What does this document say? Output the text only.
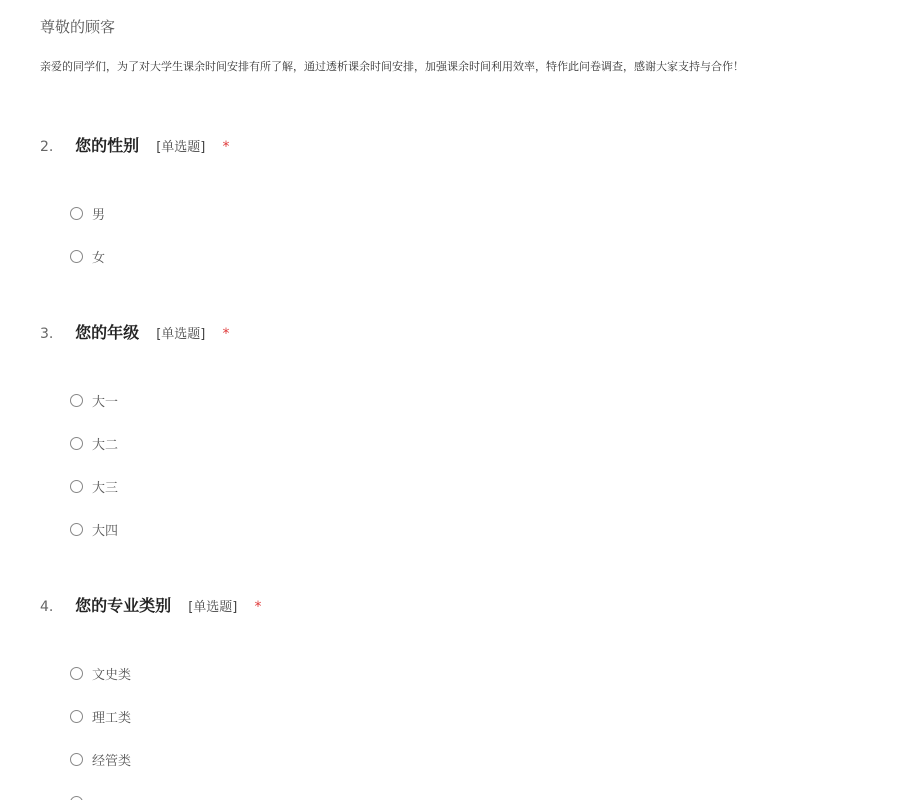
尊敬的顾客

亲爱的同学们，为了对大学生课余时间安排有所了解，通过透析课余时间安排，加强课余时间利用效率，特作此问卷调查，感谢大家支持与合作！

2. 您的性别 [单选题] *
男
女
3. 您的年级 [单选题] *
大一
大二
大三
大四
4. 您的专业类别 [单选题] *
文史类
理工类
经管类
